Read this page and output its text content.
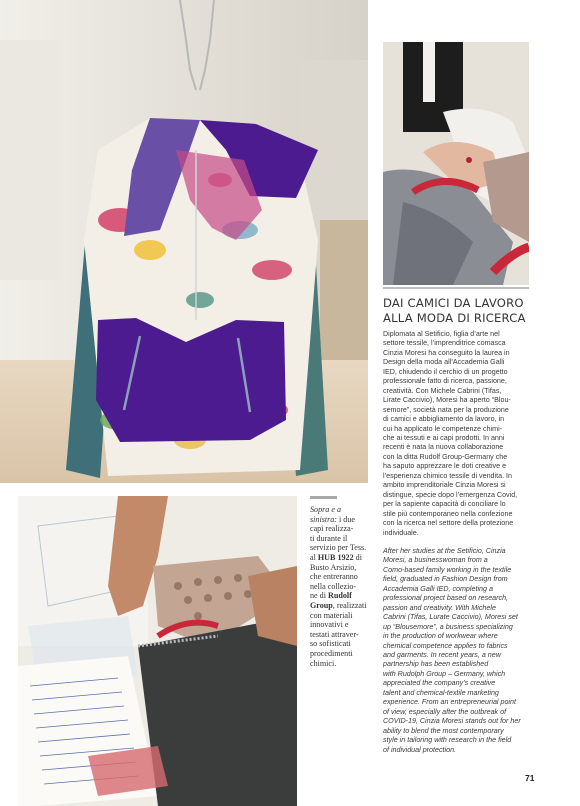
DAI CAMICI DA LAVORO
ALLA MODA DI RICERCA

Diplomata al Setificio, figlia d’arte nel
settore tessile, l’imprenditrice comasca
Cinzia Moresi ha conseguito la laurea in
Design della moda all’Accademia Galli
IED, chiudendo il cerchio di un progetto
professionale fatto di ricerca, passione,
creatività. Con Michele Cabrini (Tifas,
Lirate Caccivio), Moresi ha aperto “Blou-
semore”, società nata per la produzione
di camici e abbigliamento da lavoro, in
cui ha applicato le competenze chimi-
che ai tessuti e ai capi prodotti. In anni
recenti è nata la nuova collaborazione
con la ditta Rudolf Group-Germany che
ha saputo apprezzare le doti creative e
l’esperienza chimico tessile di vendita. In
ambito imprenditoriale Cinzia Moresi si
distingue, specie dopo l’emergenza Covid,
per la sapiente capacità di conciliare lo
stile più contemporaneo nella confezione
con la ricerca nel settore della protezione
individuale.

After her studies at the Setificio, Cinzia
Moresi, a businesswoman from a
Como-based family working in the textile
field, graduated in Fashion Design from
Accademia Galli IED, completing a
professional project based on research,
passion and creativity. With Michele
Cabrini (Tifas, Lurate Caccivio), Moresi set
up “Blousemore”, a business specializing
in the production of workwear where
chemical competence applies to fabrics
and garments. In recent years, a new
partnership has been established
with Rudolph Group – Germany, which
appreciated the company’s creative
talent and chemical-textile marketing
experience. From an entrepreneurial point
of view, especially after the outbreak of
COVID-19, Cinzia Moresi stands out for her
ability to blend the most contemporary
style in tailoring with research in the field
of individual protection.

Sopra e a
sinistra: i due
capi realizza-
ti durante il
servizio per Tess.
al HUB 1922 di
Busto Arsizio,
che entreranno
nella collezio-
ne di Rudolf
Group, realizzati
con materiali
innovativi e
testati attraver-
so sofisticati
procedimenti
chimici.

71
